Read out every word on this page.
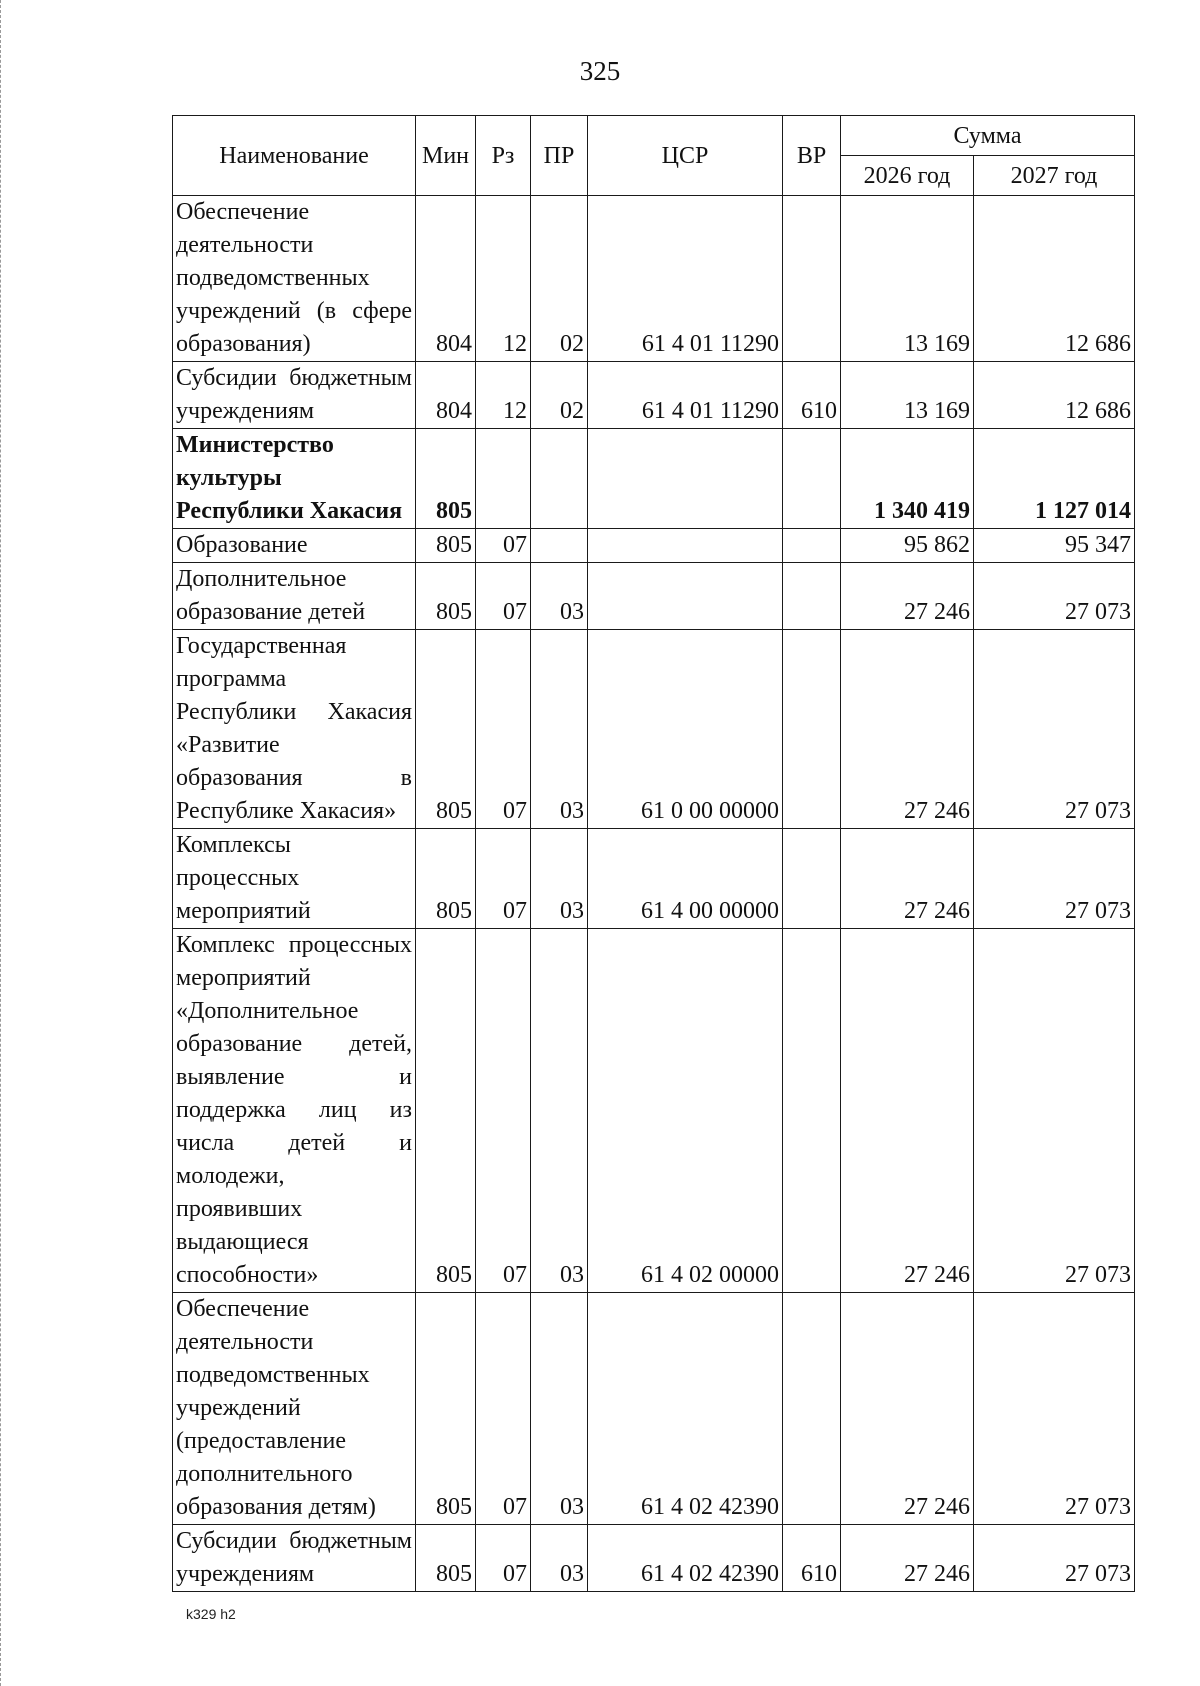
325
Наименование	Мин	Рз	ПР	ЦСР	ВР	Сумма	
						2026 год	2027 год
Обеспечение деятельности подведомственных учреждений (в сфере образования)	804	12	02	61 4 01 11290		13 169	12 686
Субсидии бюджетным учреждениям	804	12	02	61 4 01 11290	610	13 169	12 686
Министерство культуры Республики Хакасия	805					1 340 419	1 127 014
Образование	805	07				95 862	95 347
Дополнительное образование детей	805	07	03			27 246	27 073
Государственная программа Республики Хакасия «Развитие образования в Республике Хакасия»	805	07	03	61 0 00 00000		27 246	27 073
Комплексы процессных мероприятий	805	07	03	61 4 00 00000		27 246	27 073
Комплекс процессных мероприятий «Дополнительное образование детей, выявление и поддержка лиц из числа детей и молодежи, проявивших выдающиеся способности»	805	07	03	61 4 02 00000		27 246	27 073
Обеспечение деятельности подведомственных учреждений (предоставление дополнительного образования детям)	805	07	03	61 4 02 42390		27 246	27 073
Субсидии бюджетным учреждениям	805	07	03	61 4 02 42390	610	27 246	27 073
k329 h2
